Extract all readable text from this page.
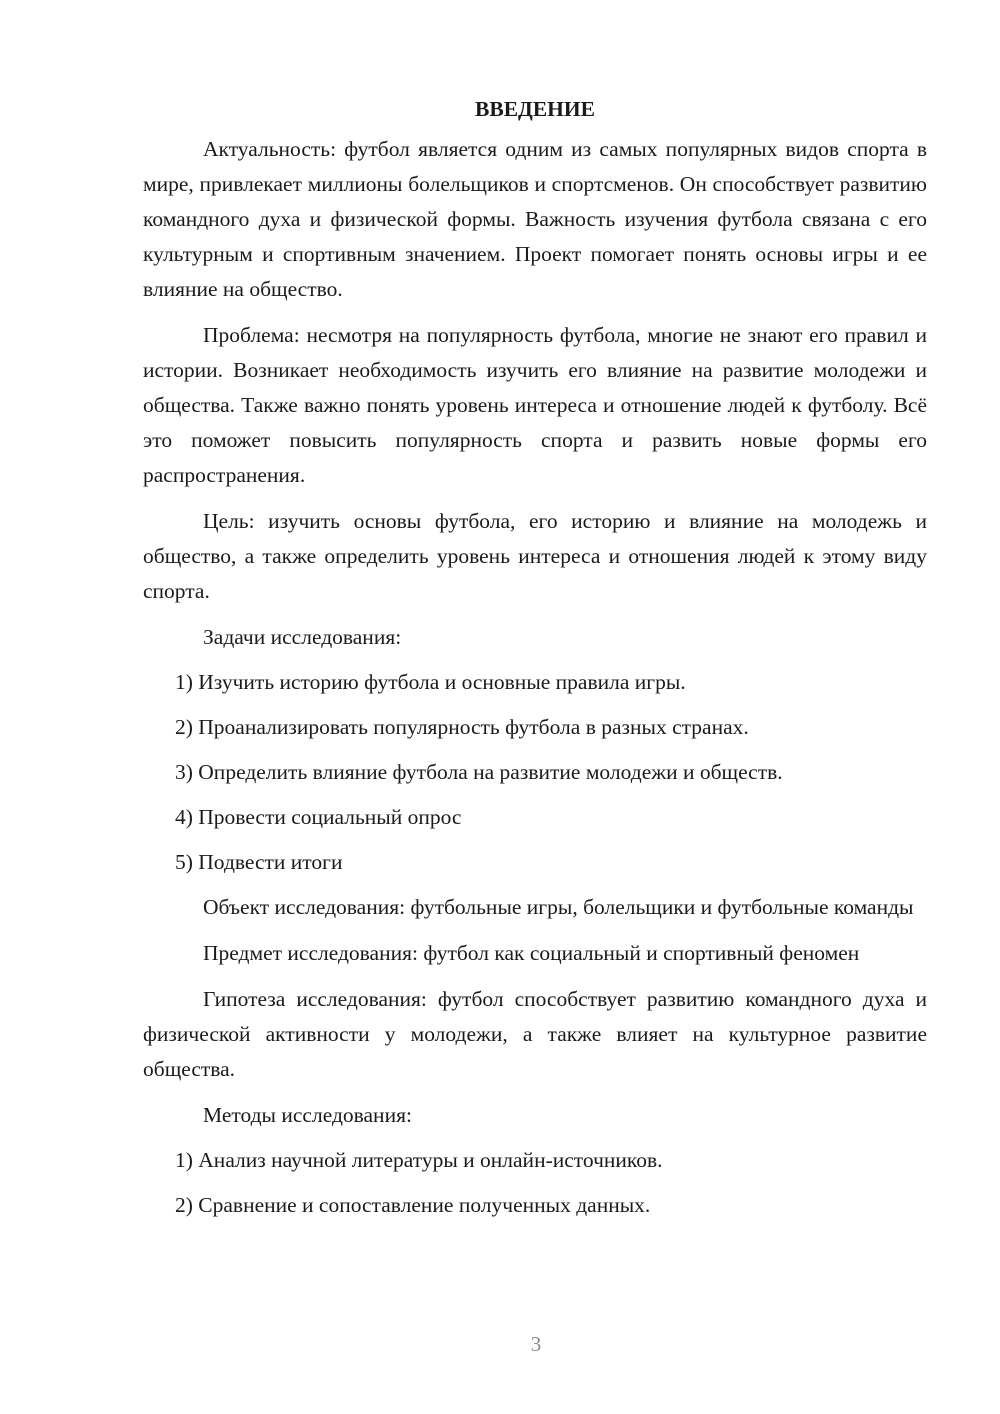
ВВЕДЕНИЕ

Актуальность: футбол является одним из самых популярных видов спорта в мире, привлекает миллионы болельщиков и спортсменов. Он способствует развитию командного духа и физической формы. Важность изучения футбола связана с его культурным и спортивным значением. Проект помогает понять основы игры и ее влияние на общество.

Проблема: несмотря на популярность футбола, многие не знают его правил и истории. Возникает необходимость изучить его влияние на развитие молодежи и общества. Также важно понять уровень интереса и отношение людей к футболу. Всё это поможет повысить популярность спорта и развить новые формы его распространения.

Цель: изучить основы футбола, его историю и влияние на молодежь и общество, а также определить уровень интереса и отношения людей к этому виду спорта.

Задачи исследования:

1) Изучить историю футбола и основные правила игры.

2) Проанализировать популярность футбола в разных странах.

3) Определить влияние футбола на развитие молодежи и обществ.

4) Провести социальный опрос

5) Подвести итоги

Объект исследования: футбольные игры, болельщики и футбольные команды

Предмет исследования: футбол как социальный и спортивный феномен

Гипотеза исследования: футбол способствует развитию командного духа и физической активности у молодежи, а также влияет на культурное развитие общества.

Методы исследования:

1) Анализ научной литературы и онлайн-источников.

2) Сравнение и сопоставление полученных данных.

3
